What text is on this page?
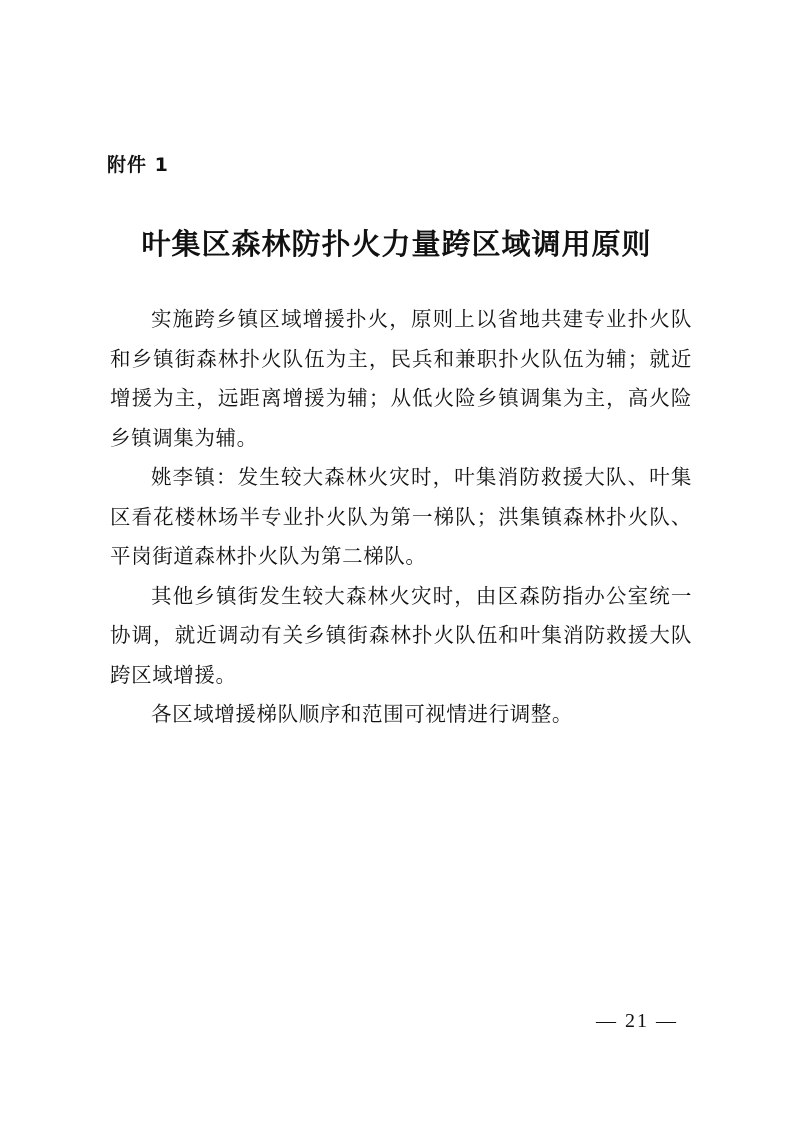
附件 1
叶集区森林防扑火力量跨区域调用原则

实施跨乡镇区域增援扑火，原则上以省地共建专业扑火队和乡镇街森林扑火队伍为主，民兵和兼职扑火队伍为辅；就近增援为主，远距离增援为辅；从低火险乡镇调集为主，高火险乡镇调集为辅。

姚李镇：发生较大森林火灾时，叶集消防救援大队、叶集区看花楼林场半专业扑火队为第一梯队；洪集镇森林扑火队、平岗街道森林扑火队为第二梯队。

其他乡镇街发生较大森林火灾时，由区森防指办公室统一协调，就近调动有关乡镇街森林扑火队伍和叶集消防救援大队跨区域增援。

各区域增援梯队顺序和范围可视情进行调整。

— 21 —
